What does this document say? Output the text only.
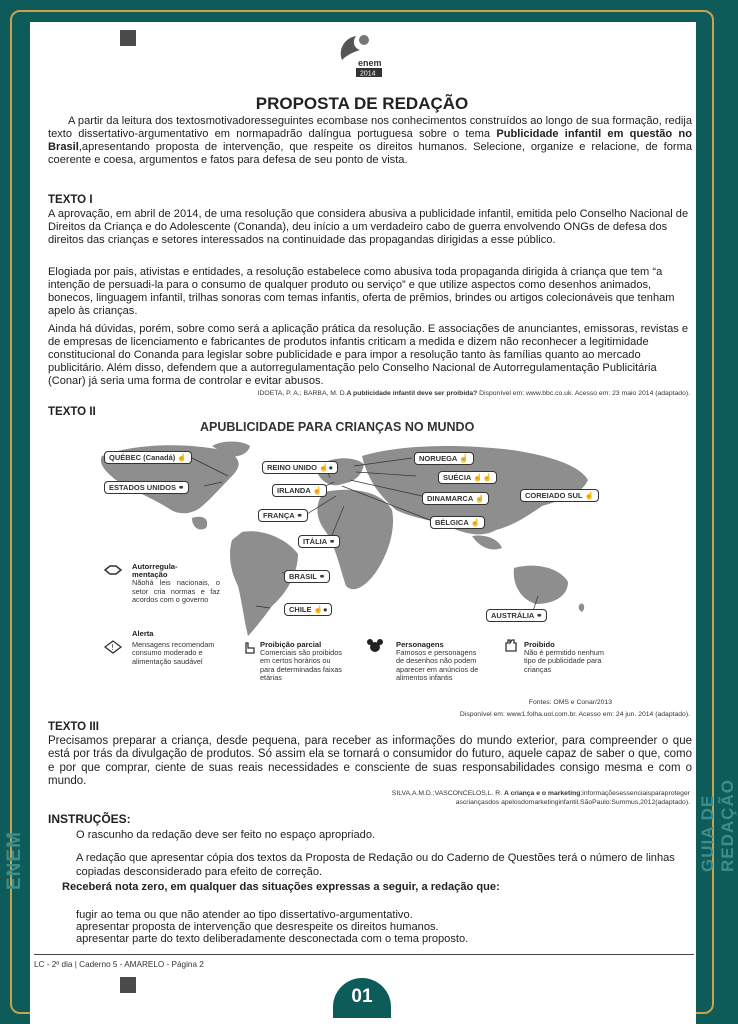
ENEM	GUIA DE REDAÇÃO
enem
2014
PROPOSTA DE REDAÇÃO
A partir da leitura dos textosmotivadoresseguintes ecombase nos conhecimentos construídos ao longo de sua formação, redija texto dissertativo-argumentativo em normapadrão dalíngua portuguesa sobre o tema Publicidade infantil em questão no Brasil,apresentando proposta de intervenção, que respeite os direitos humanos. Selecione, organize e relacione, de forma coerente e coesa, argumentos e fatos para defesa de seu ponto de vista.
TEXTO I
A aprovação, em abril de 2014, de uma resolução que considera abusiva a publicidade infantil, emitida pelo Conselho Nacional de Direitos da Criança e do Adolescente (Conanda), deu início a um verdadeiro cabo de guerra envolvendo ONGs de defesa dos direitos das crianças e setores interessados na continuidade das propagandas dirigidas a esse público.
Elogiada por pais, ativistas e entidades, a resolução estabelece como abusiva toda propaganda dirigida à criança que tem “a intenção de persuadi-la para o consumo de qualquer produto ou serviço” e que utilize aspectos como desenhos animados, bonecos, linguagem infantil, trilhas sonoras com temas infantis, oferta de prêmios, brindes ou artigos colecionáveis que tenham apelo às crianças.
Ainda há dúvidas, porém, sobre como será a aplicação prática da resolução. E associações de anunciantes, emissoras, revistas e de empresas de licenciamento e fabricantes de produtos infantis criticam a medida e dizem não reconhecer a legitimidade constitucional do Conanda para legislar sobre publicidade e para impor a resolução tanto às famílias quanto ao mercado publicitário. Além disso, defendem que a autorregulamentação pelo Conselho Nacional de Autorregulamentação Publicitária (Conar) já seria uma forma de controlar e evitar abusos.
IDOETA, P. A.; BARBA, M. D.A publicidade infantil deve ser proibida? Disponível em: www.bbc.co.uk. Acesso em: 23 maio 2014 (adaptado).
TEXTO II
APUBLICIDADE PARA CRIANÇAS NO MUNDO
QUÉBEC (Canadá) ☝
ESTADOS UNIDOS ⚭
REINO UNIDO ☝●
IRLANDA ☝
FRANÇA ⚭
ITÁLIA ⚭
NORUEGA ☝
SUÉCIA ☝☝
DINAMARCA ☝
BÉLGICA ☝
COREIADO SUL ☝
BRASIL ⚭
CHILE ☝●
AUSTRÁLIA ⚭
Autorregula-
mentação
Nãohá leis nacionais, o setor cria normas e faz acordos com o governo
!
Alerta
Mensagens recomendam consumo moderado e alimentação saudável
Proibição parcial
Comerciais são proibidos em certos horários ou para determinadas faixas etárias
Personagens
Famosos e personagens de desenhos não podem aparecer em anúncios de alimentos infantis
Proibido
Não é permitido nenhum tipo de publicidade para crianças
Fontes: OMS e Conar/2013
Disponível em: www1.folha.uol.com.br. Acesso em: 24 jun. 2014 (adaptado).
TEXTO III
Precisamos preparar a criança, desde pequena, para receber as informações do mundo exterior, para compreender o que está por trás da divulgação de produtos. Só assim ela se tornará o consumidor do futuro, aquele capaz de saber o que, como e por que comprar, ciente de suas reais necessidades e consciente de suas responsabilidades consigo mesma e com o mundo.
SILVA,A.M.D.;VASCONCELOS,L. R. A criança e o marketing:informaçõesessenciaisparaproteger
ascriançasdos apelosdomarketinginfantil.SãoPaulo:Summus,2012(adaptado).
INSTRUÇÕES:
O rascunho da redação deve ser feito no espaço apropriado.
A redação que apresentar cópia dos textos da Proposta de Redação ou do Caderno de Questões terá o número de linhas copiadas desconsiderado para efeito de correção.
Receberá nota zero, em qualquer das situações expressas a seguir, a redação que:
fugir ao tema ou que não atender ao tipo dissertativo-argumentativo.
apresentar proposta de intervenção que desrespeite os direitos humanos.
apresentar parte do texto deliberadamente desconectada com o tema proposto.
LC - 2º dia | Caderno 5 - AMARELO - Página 2
01
